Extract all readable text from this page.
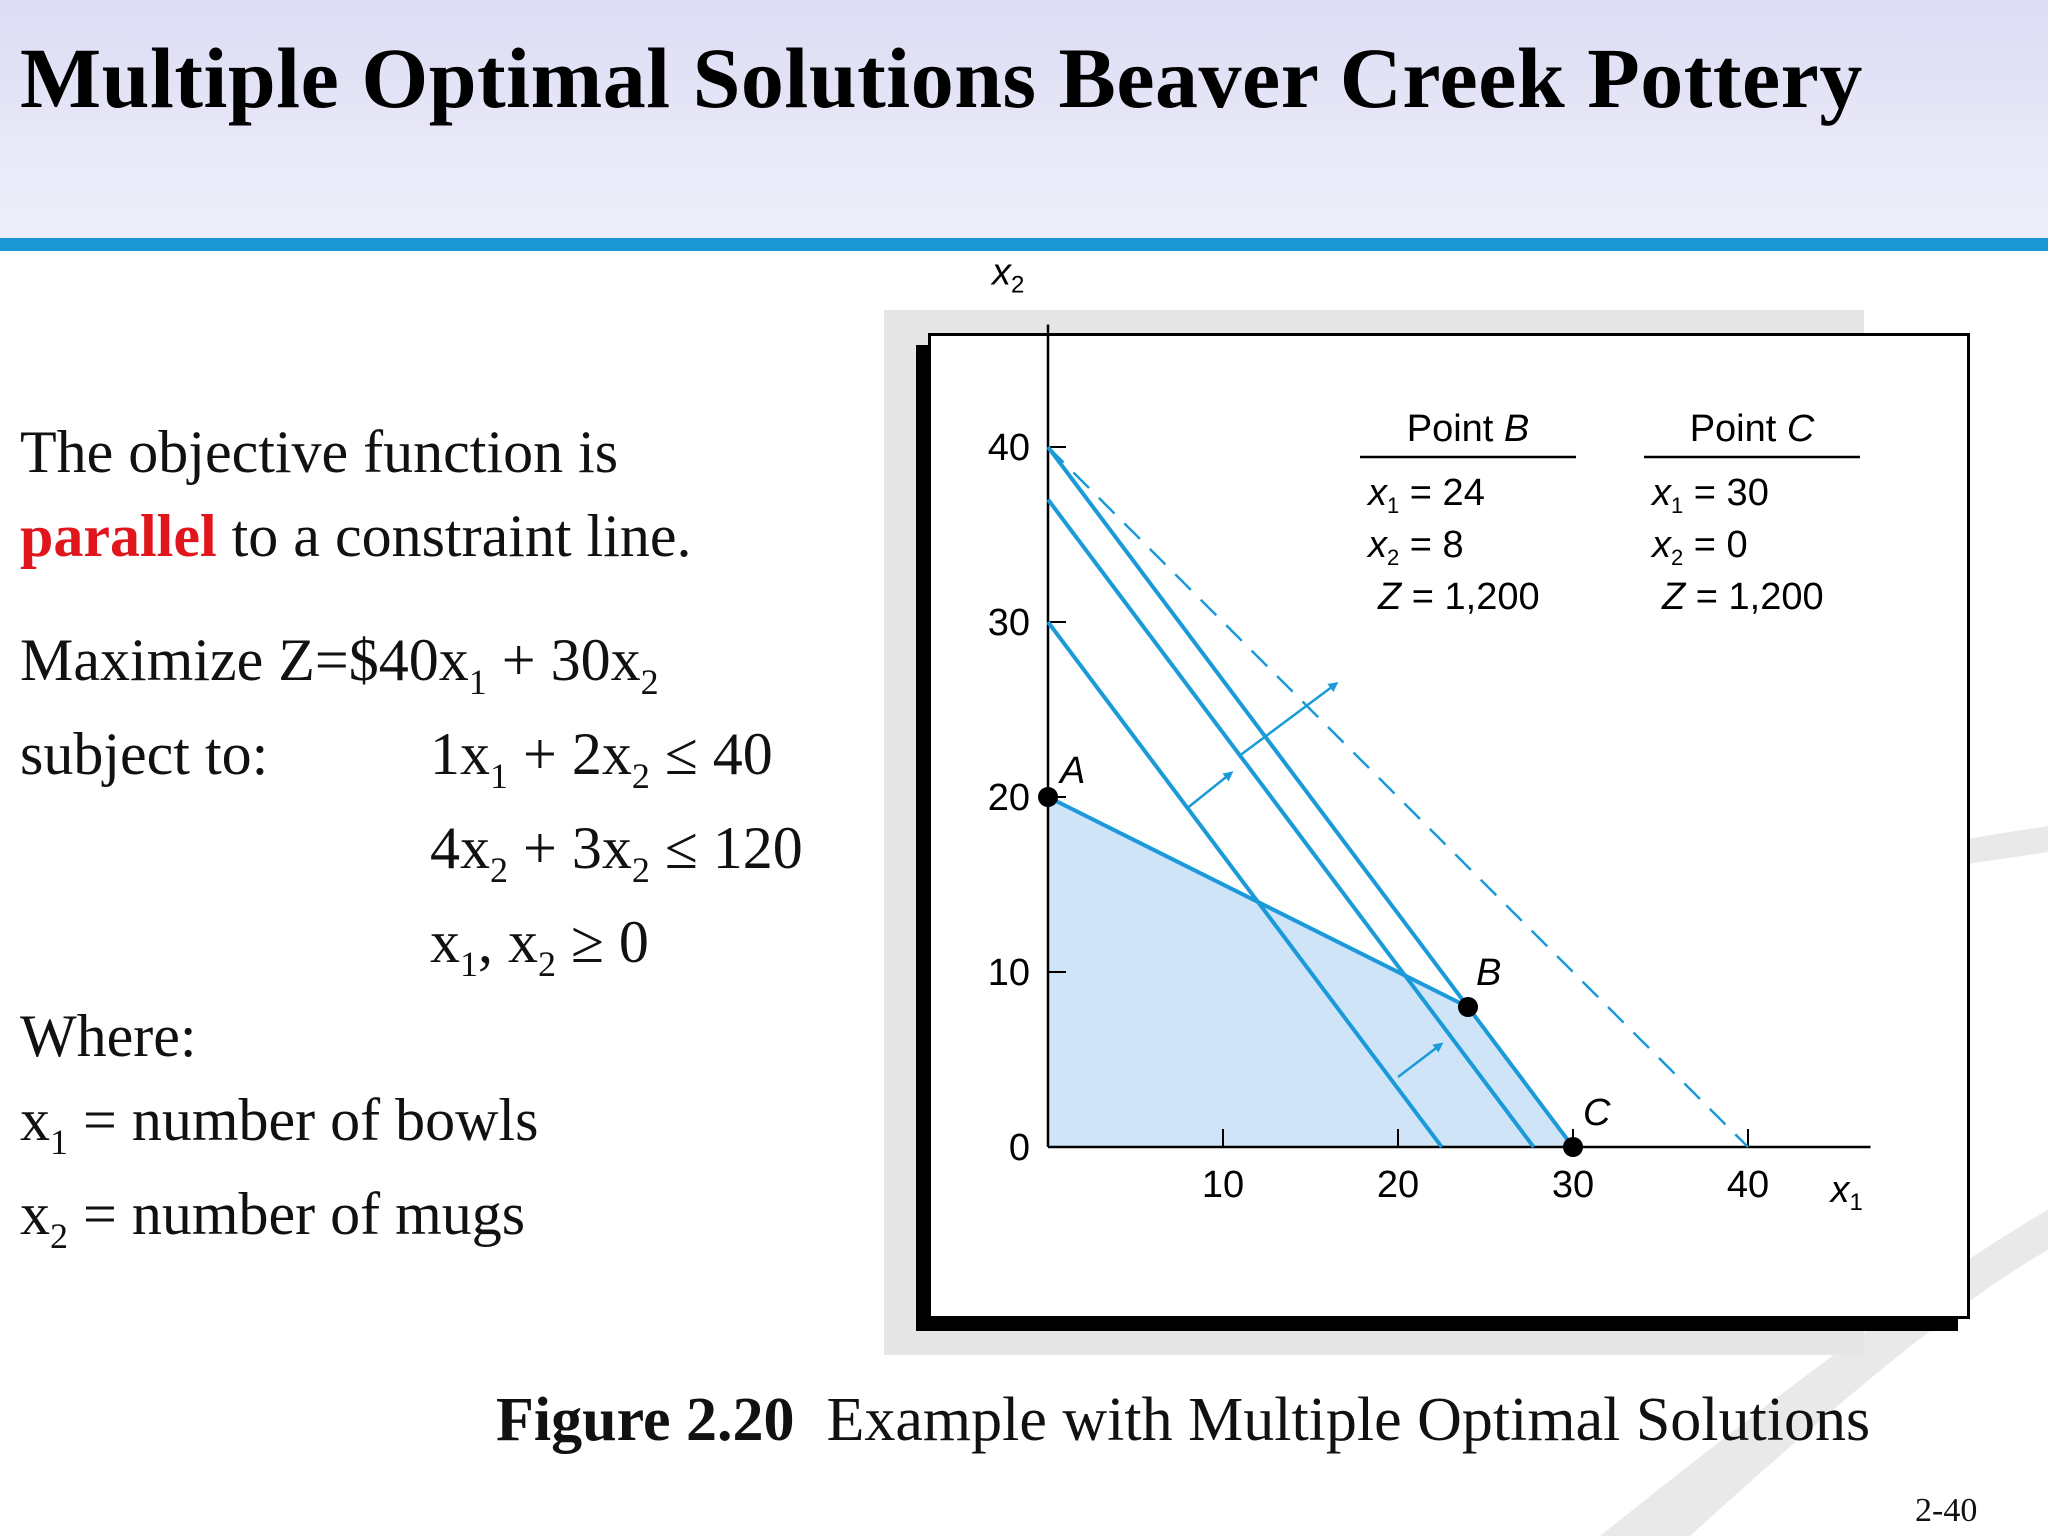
Multiple Optimal Solutions Beaver Creek Pottery
The objective function is
parallel to a constraint line.
Maximize $Z=\$40x_1 + 30x_2$
subject to:	$1x_1 + 2x_2 \le 40$
$4x_2 + 3x_2 \le 120$
$x_1$, $x_2 \ge 0$
Where:
$x_1$ = number of bowls
$x_2$ = number of mugs	10	20	30	40
0
10
20
30
40
A
B
C
$x_1$
$x_2$
Point B
$x_1 = 24$
$x_2 = 8$
Z = 1,200
Point C
$x_1 = 30$
$x_2 = 0$
Z = 1,200
Figure 2.20 Example with Multiple Optimal Solutions
2-40
